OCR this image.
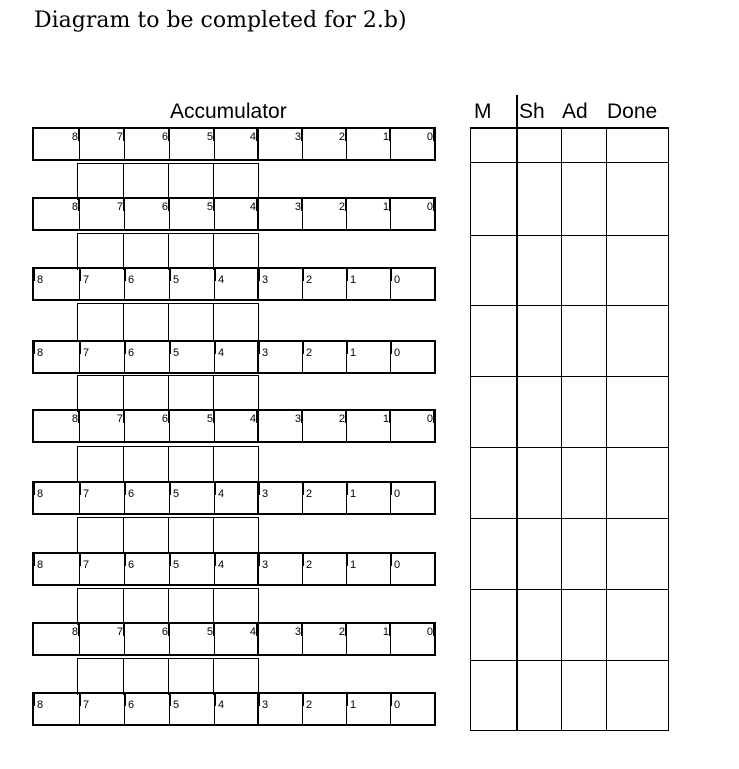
Diagram to be completed for 2.b)
Accumulator	M Sh Ad Done
8	7	6	5	4	3	2	1	0
8	7	6	5	4	3	2	1	0
8	7	6	5	4	3	2	1	0
8	7	6	5	4	3	2	1	0
8	7	6	5	4	3	2	1	0
8	7	6	5	4	3	2	1	0
8	7	6	5	4	3	2	1	0
8	7	6	5	4	3	2	1	0
8	7	6	5	4	3	2	1	0
